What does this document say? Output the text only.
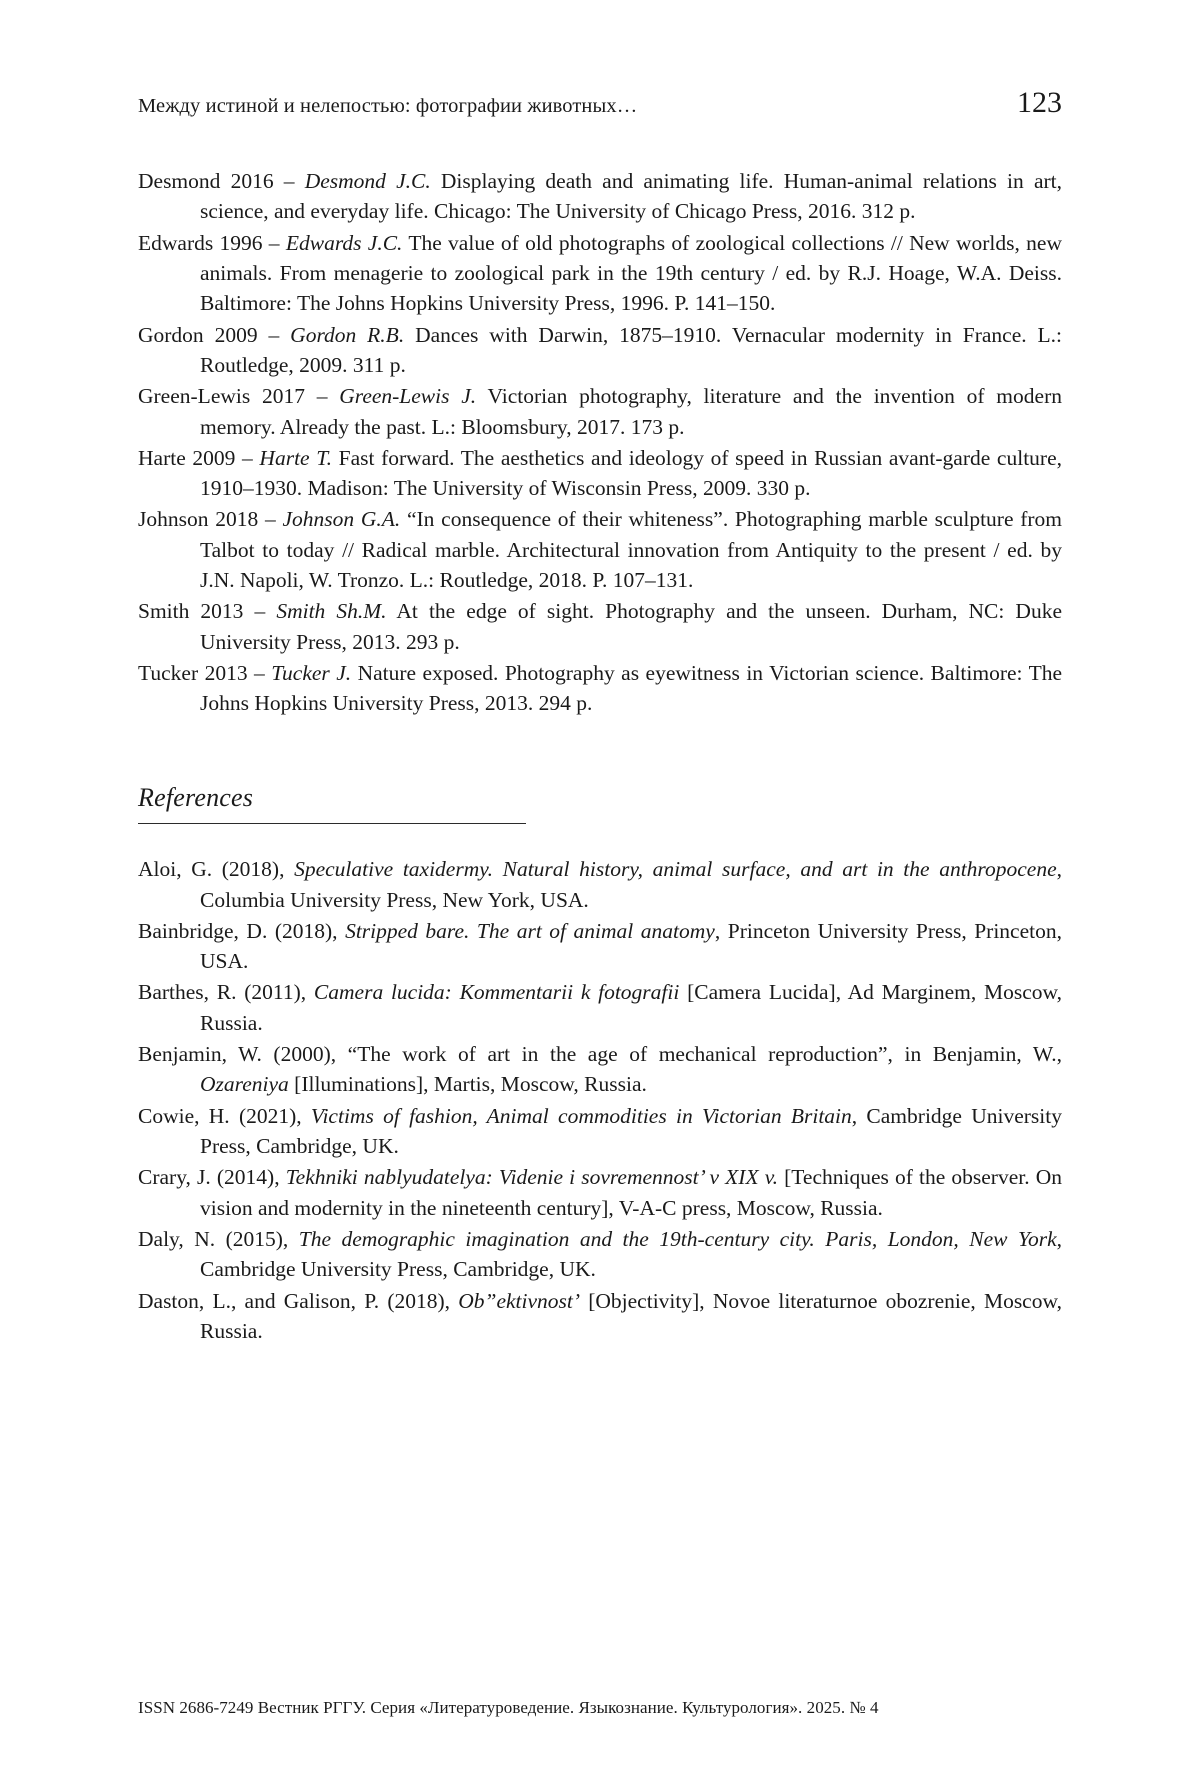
Между истиной и нелепостью: фотографии животных…	123
Desmond 2016 – Desmond J.C. Displaying death and animating life. Human-animal relations in art, science, and everyday life. Chicago: The University of Chicago Press, 2016. 312 p.
Edwards 1996 – Edwards J.C. The value of old photographs of zoological collections // New worlds, new animals. From menagerie to zoological park in the 19th century / ed. by R.J. Hoage, W.A. Deiss. Baltimore: The Johns Hopkins University Press, 1996. P. 141–150.
Gordon 2009 – Gordon R.B. Dances with Darwin, 1875–1910. Vernacular modernity in France. L.: Routledge, 2009. 311 p.
Green-Lewis 2017 – Green-Lewis J. Victorian photography, literature and the invention of modern memory. Already the past. L.: Bloomsbury, 2017. 173 p.
Harte 2009 – Harte T. Fast forward. The aesthetics and ideology of speed in Russian avant-garde culture, 1910–1930. Madison: The University of Wisconsin Press, 2009. 330 p.
Johnson 2018 – Johnson G.A. “In consequence of their whiteness”. Photographing marble sculpture from Talbot to today // Radical marble. Architectural innovation from Antiquity to the present / ed. by J.N. Napoli, W. Tronzo. L.: Routledge, 2018. P. 107–131.
Smith 2013 – Smith Sh.M. At the edge of sight. Photography and the unseen. Durham, NC: Duke University Press, 2013. 293 p.
Tucker 2013 – Tucker J. Nature exposed. Photography as eyewitness in Victorian science. Baltimore: The Johns Hopkins University Press, 2013. 294 p.
References
Aloi, G. (2018), Speculative taxidermy. Natural history, animal surface, and art in the anthropocene, Columbia University Press, New York, USA.
Bainbridge, D. (2018), Stripped bare. The art of animal anatomy, Princeton University Press, Princeton, USA.
Barthes, R. (2011), Camera lucida: Kommentarii k fotografii [Camera Lucida], Ad Marginem, Moscow, Russia.
Benjamin, W. (2000), “The work of art in the age of mechanical reproduction”, in Benjamin, W., Ozareniya [Illuminations], Martis, Moscow, Russia.
Cowie, H. (2021), Victims of fashion, Animal commodities in Victorian Britain, Cambridge University Press, Cambridge, UK.
Crary, J. (2014), Tekhniki nablyudatelya: Videnie i sovremennost’ v XIX v. [Techniques of the observer. On vision and modernity in the nineteenth century], V-A-C press, Moscow, Russia.
Daly, N. (2015), The demographic imagination and the 19th-century city. Paris, London, New York, Cambridge University Press, Cambridge, UK.
Daston, L., and Galison, P. (2018), Ob”ektivnost’ [Objectivity], Novoe literaturnoe obozrenie, Moscow, Russia.
ISSN 2686-7249 Вестник РГГУ. Серия «Литературоведение. Языкознание. Культурология». 2025. № 4
